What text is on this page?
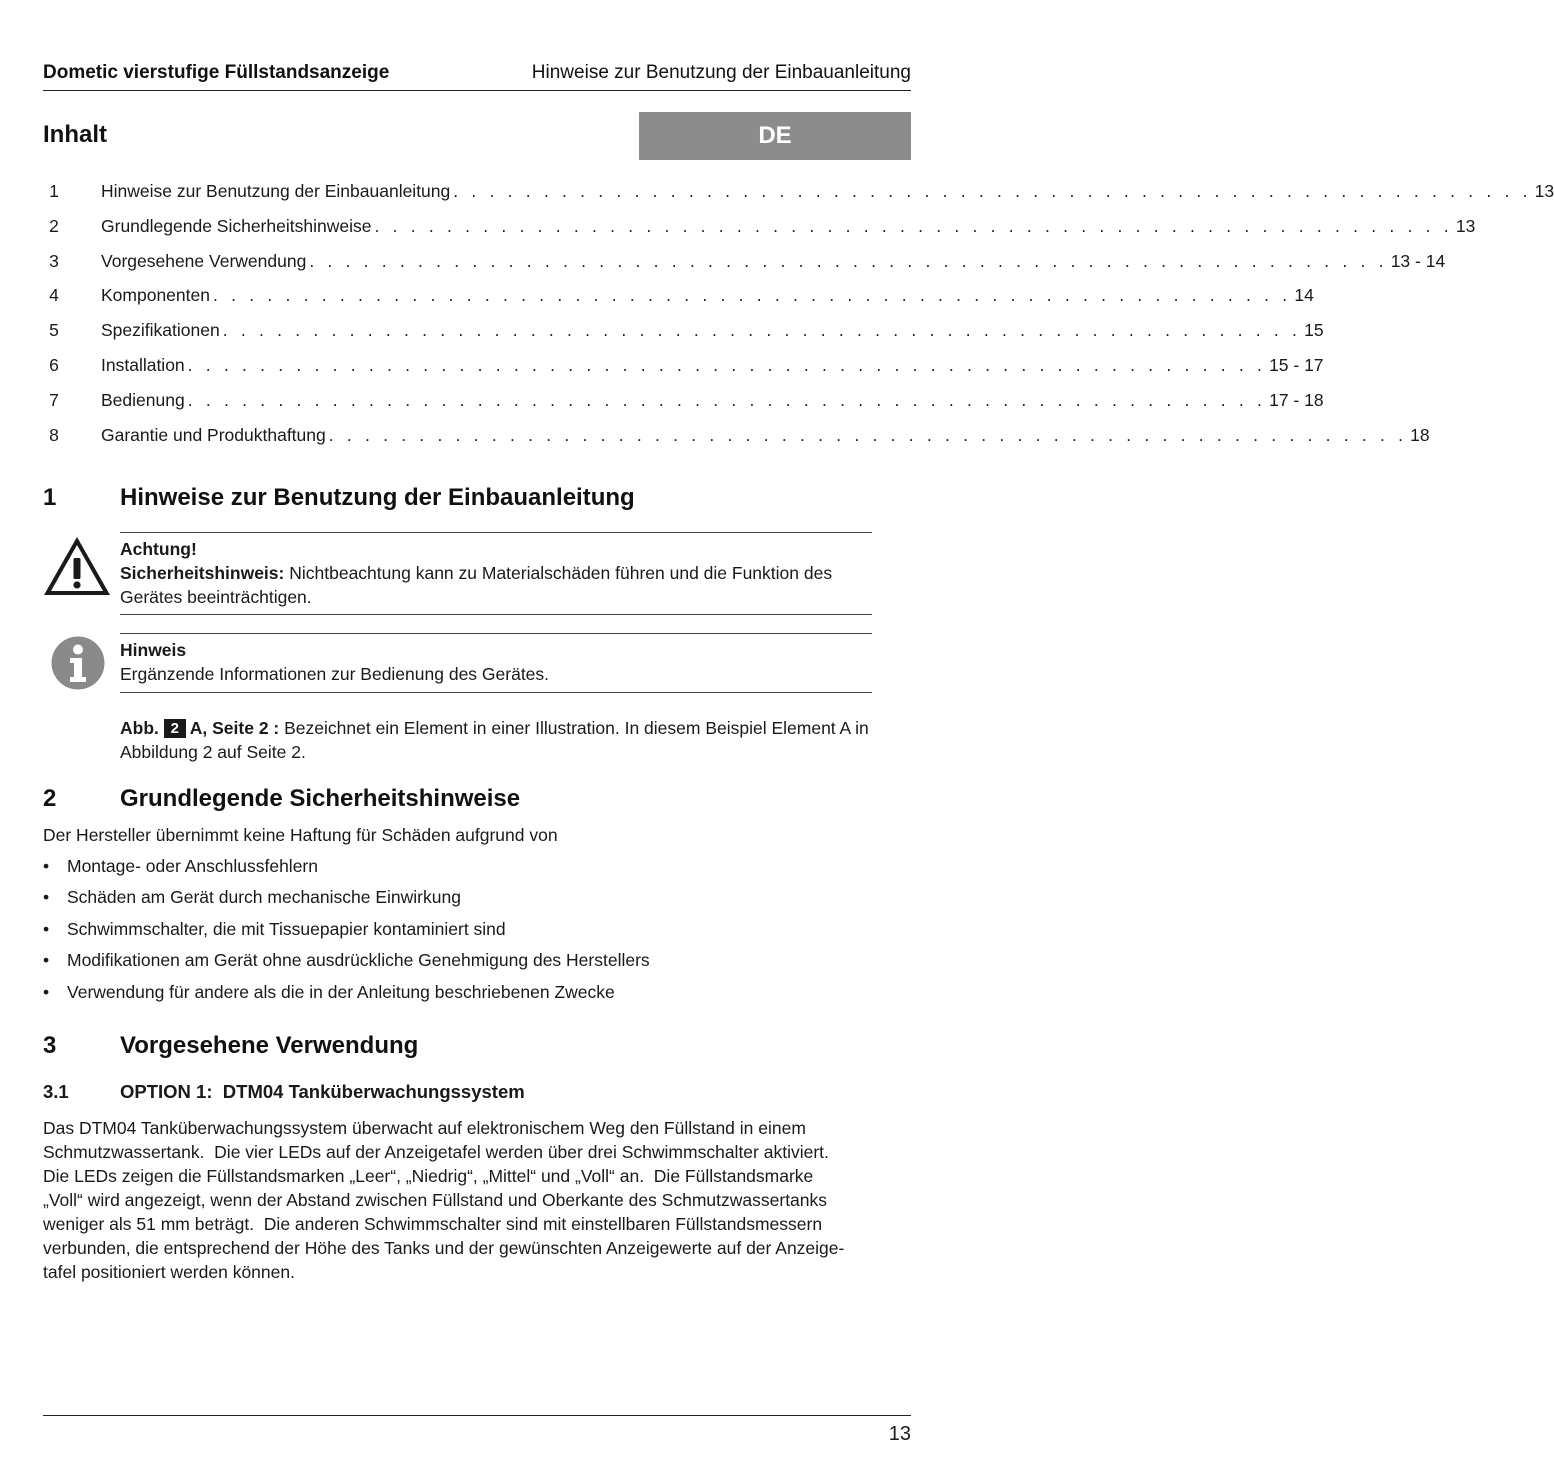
Dometic vierstufige Füllstandsanzeige	Hinweise zur Benutzung der Einbauanleitung
Inhalt	DE
1	Hinweise zur Benutzung der Einbauanleitung . . . . . . . . . . . . . . . . . . . . . . . . . . . . . . . . . . . . . . . . . . . . . . . . . . . . . . . . . . . . 13
2	Grundlegende Sicherheitshinweise . . . . . . . . . . . . . . . . . . . . . . . . . . . . . . . . . . . . . . . . . . . . . . . . . . . . . . . . . . . . 13
3	Vorgesehene Verwendung . . . . . . . . . . . . . . . . . . . . . . . . . . . . . . . . . . . . . . . . . . . . . . . . . . . . . . . . . . . . 13 - 14
4	Komponenten . . . . . . . . . . . . . . . . . . . . . . . . . . . . . . . . . . . . . . . . . . . . . . . . . . . . . . . . . . . . 14
5	Spezifikationen . . . . . . . . . . . . . . . . . . . . . . . . . . . . . . . . . . . . . . . . . . . . . . . . . . . . . . . . . . . . 15
6	Installation . . . . . . . . . . . . . . . . . . . . . . . . . . . . . . . . . . . . . . . . . . . . . . . . . . . . . . . . . . . . 15 - 17
7	Bedienung . . . . . . . . . . . . . . . . . . . . . . . . . . . . . . . . . . . . . . . . . . . . . . . . . . . . . . . . . . . . 17 - 18
8	Garantie und Produkthaftung . . . . . . . . . . . . . . . . . . . . . . . . . . . . . . . . . . . . . . . . . . . . . . . . . . . . . . . . . . . . 18
1	Hinweise zur Benutzung der Einbauanleitung
Achtung!
Sicherheitshinweis: Nichtbeachtung kann zu Materialschäden führen und die Funktion des Gerätes beeinträchtigen.
Hinweis
Ergänzende Informationen zur Bedienung des Gerätes.
Abb. 2 A, Seite 2 : Bezeichnet ein Element in einer Illustration. In diesem Beispiel Element A in Abbildung 2 auf Seite 2.
2	Grundlegende Sicherheitshinweise
Der Hersteller übernimmt keine Haftung für Schäden aufgrund von
• Montage- oder Anschlussfehlern
• Schäden am Gerät durch mechanische Einwirkung
• Schwimmschalter, die mit Tissuepapier kontaminiert sind
• Modifikationen am Gerät ohne ausdrückliche Genehmigung des Herstellers
• Verwendung für andere als die in der Anleitung beschriebenen Zwecke
3	Vorgesehene Verwendung
3.1	OPTION 1:  DTM04 Tanküberwachungssystem
Das DTM04 Tanküberwachungssystem überwacht auf elektronischem Weg den Füllstand in einem
Schmutzwassertank.  Die vier LEDs auf der Anzeigetafel werden über drei Schwimmschalter aktiviert.
Die LEDs zeigen die Füllstandsmarken „Leer“, „Niedrig“, „Mittel“ und „Voll“ an.  Die Füllstandsmarke
„Voll“ wird angezeigt, wenn der Abstand zwischen Füllstand und Oberkante des Schmutzwassertanks
weniger als 51 mm beträgt.  Die anderen Schwimmschalter sind mit einstellbaren Füllstandsmessern
verbunden, die entsprechend der Höhe des Tanks und der gewünschten Anzeigewerte auf der Anzeige-
tafel positioniert werden können.
13
